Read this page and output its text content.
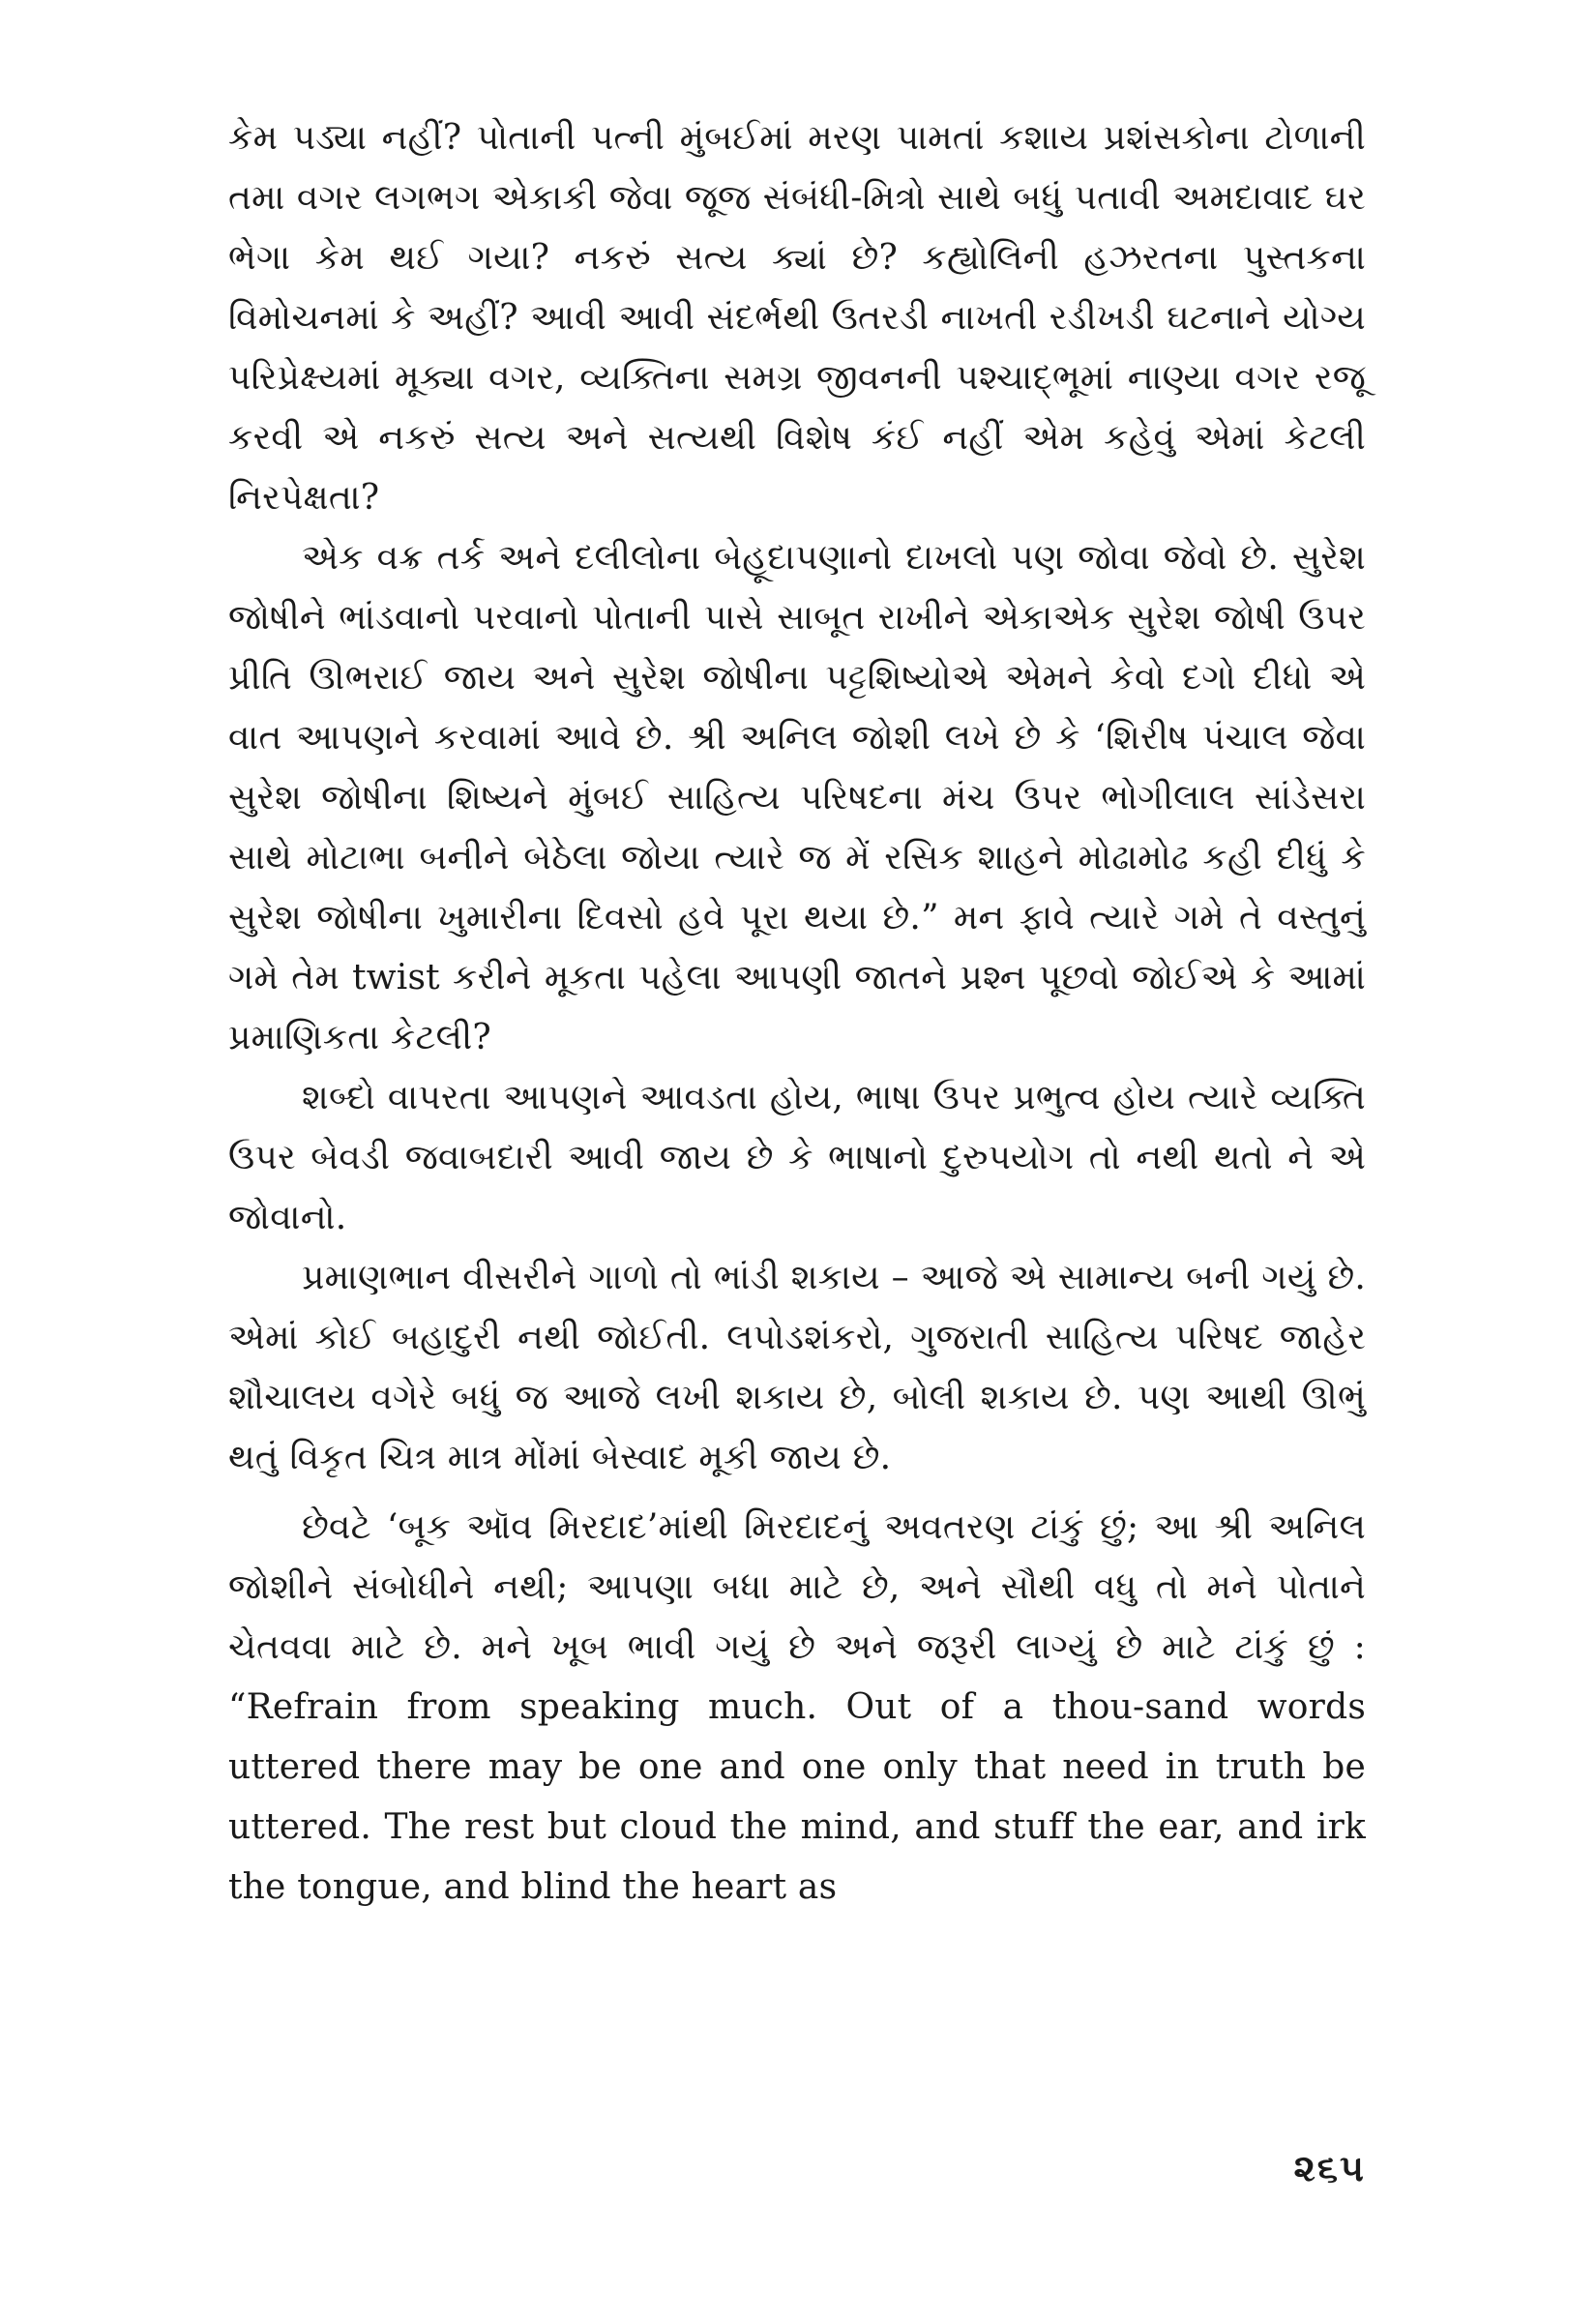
કેમ પડ્યા નહીં? પોતાની પત્ની મુંબઈમાં મરણ પામતાં કશાય પ્રશંસકોના ટોળાની તમા વગર લગભગ એકાકી જેવા જૂજ સંબંધી-મિત્રો સાથે બધું પતાવી અમદાવાદ ઘર ભેગા કેમ થઈ ગયા? નકરું સત્ય ક્યાં છે? કહ્યોલિની હઝરતના પુસ્તકના વિમોચનમાં કે અહીં? આવી આવી સંદર્ભથી ઉતરડી નાખતી રડીખડી ઘટનાને યોગ્ય પરિપ્રેક્ષ્યમાં મૂક્યા વગર, વ્યક્તિના સમગ્ર જીવનની પશ્ચાદ્ભૂમાં નાણ્યા વગર રજૂ કરવી એ નકરું સત્ય અને સત્યથી વિશેષ કંઈ નહીં એમ કહેવું એમાં કેટલી નિરપેક્ષતા?

એક વક્ર તર્ક અને દલીલોના બેહૂદાપણાનો દાખલો પણ જોવા જેવો છે. સુરેશ જોષીને ભાંડવાનો પરવાનો પોતાની પાસે સાબૂત રાખીને એકાએક સુરેશ જોષી ઉપર પ્રીતિ ઊભરાઈ જાય અને સુરેશ જોષીના પટ્ટશિષ્યોએ એમને કેવો દગો દીધો એ વાત આપણને કરવામાં આવે છે. શ્રી અનિલ જોશી લખે છે કે ‘શિરીષ પંચાલ જેવા સુરેશ જોષીના શિષ્યને મુંબઈ સાહિત્ય પરિષદના મંચ ઉપર ભોગીલાલ સાંડેસરા સાથે મોટાભા બનીને બેઠેલા જોયા ત્યારે જ મેં રસિક શાહને મોઢામોઢ કહી દીધું કે સુરેશ જોષીના ખુમારીના દિવસો હવે પૂરા થયા છે.” મન ફાવે ત્યારે ગમે તે વસ્તુનું ગમે તેમ twist કરીને મૂકતા પહેલા આપણી જાતને પ્રશ્ન પૂછવો જોઈએ કે આમાં પ્રમાણિકતા કેટલી?

શબ્દો વાપરતા આપણને આવડતા હોય, ભાષા ઉપર પ્રભુત્વ હોય ત્યારે વ્યક્તિ ઉપર બેવડી જવાબદારી આવી જાય છે કે ભાષાનો દુરુપયોગ તો નથી થતો ને એ જોવાનો.

પ્રમાણભાન વીસરીને ગાળો તો ભાંડી શકાય – આજે એ સામાન્ય બની ગયું છે. એમાં કોઈ બહાદુરી નથી જોઈતી. લપોડશંકરો, ગુજરાતી સાહિત્ય પરિષદ જાહેર શૌચાલય વગેરે બધું જ આજે લખી શકાય છે, બોલી શકાય છે. પણ આથી ઊભું થતું વિકૃત ચિત્ર માત્ર મોંમાં બેસ્વાદ મૂકી જાય છે.

છેવટે ‘બૂક ઑવ મિરદાદ’માંથી મિરદાદનું અવતરણ ટાંકું છું; આ શ્રી અનિલ જોશીને સંબોધીને નથી; આપણા બધા માટે છે, અને સૌથી વધુ તો મને પોતાને ચેતવવા માટે છે. મને ખૂબ ભાવી ગયું છે અને જરૂરી લાગ્યું છે માટે ટાંકું છું : “Refrain from speaking much. Out of a thou-sand words uttered there may be one and one only that need in truth be uttered. The rest but cloud the mind, and stuff the ear, and irk the tongue, and blind the heart as

૨૬૫
